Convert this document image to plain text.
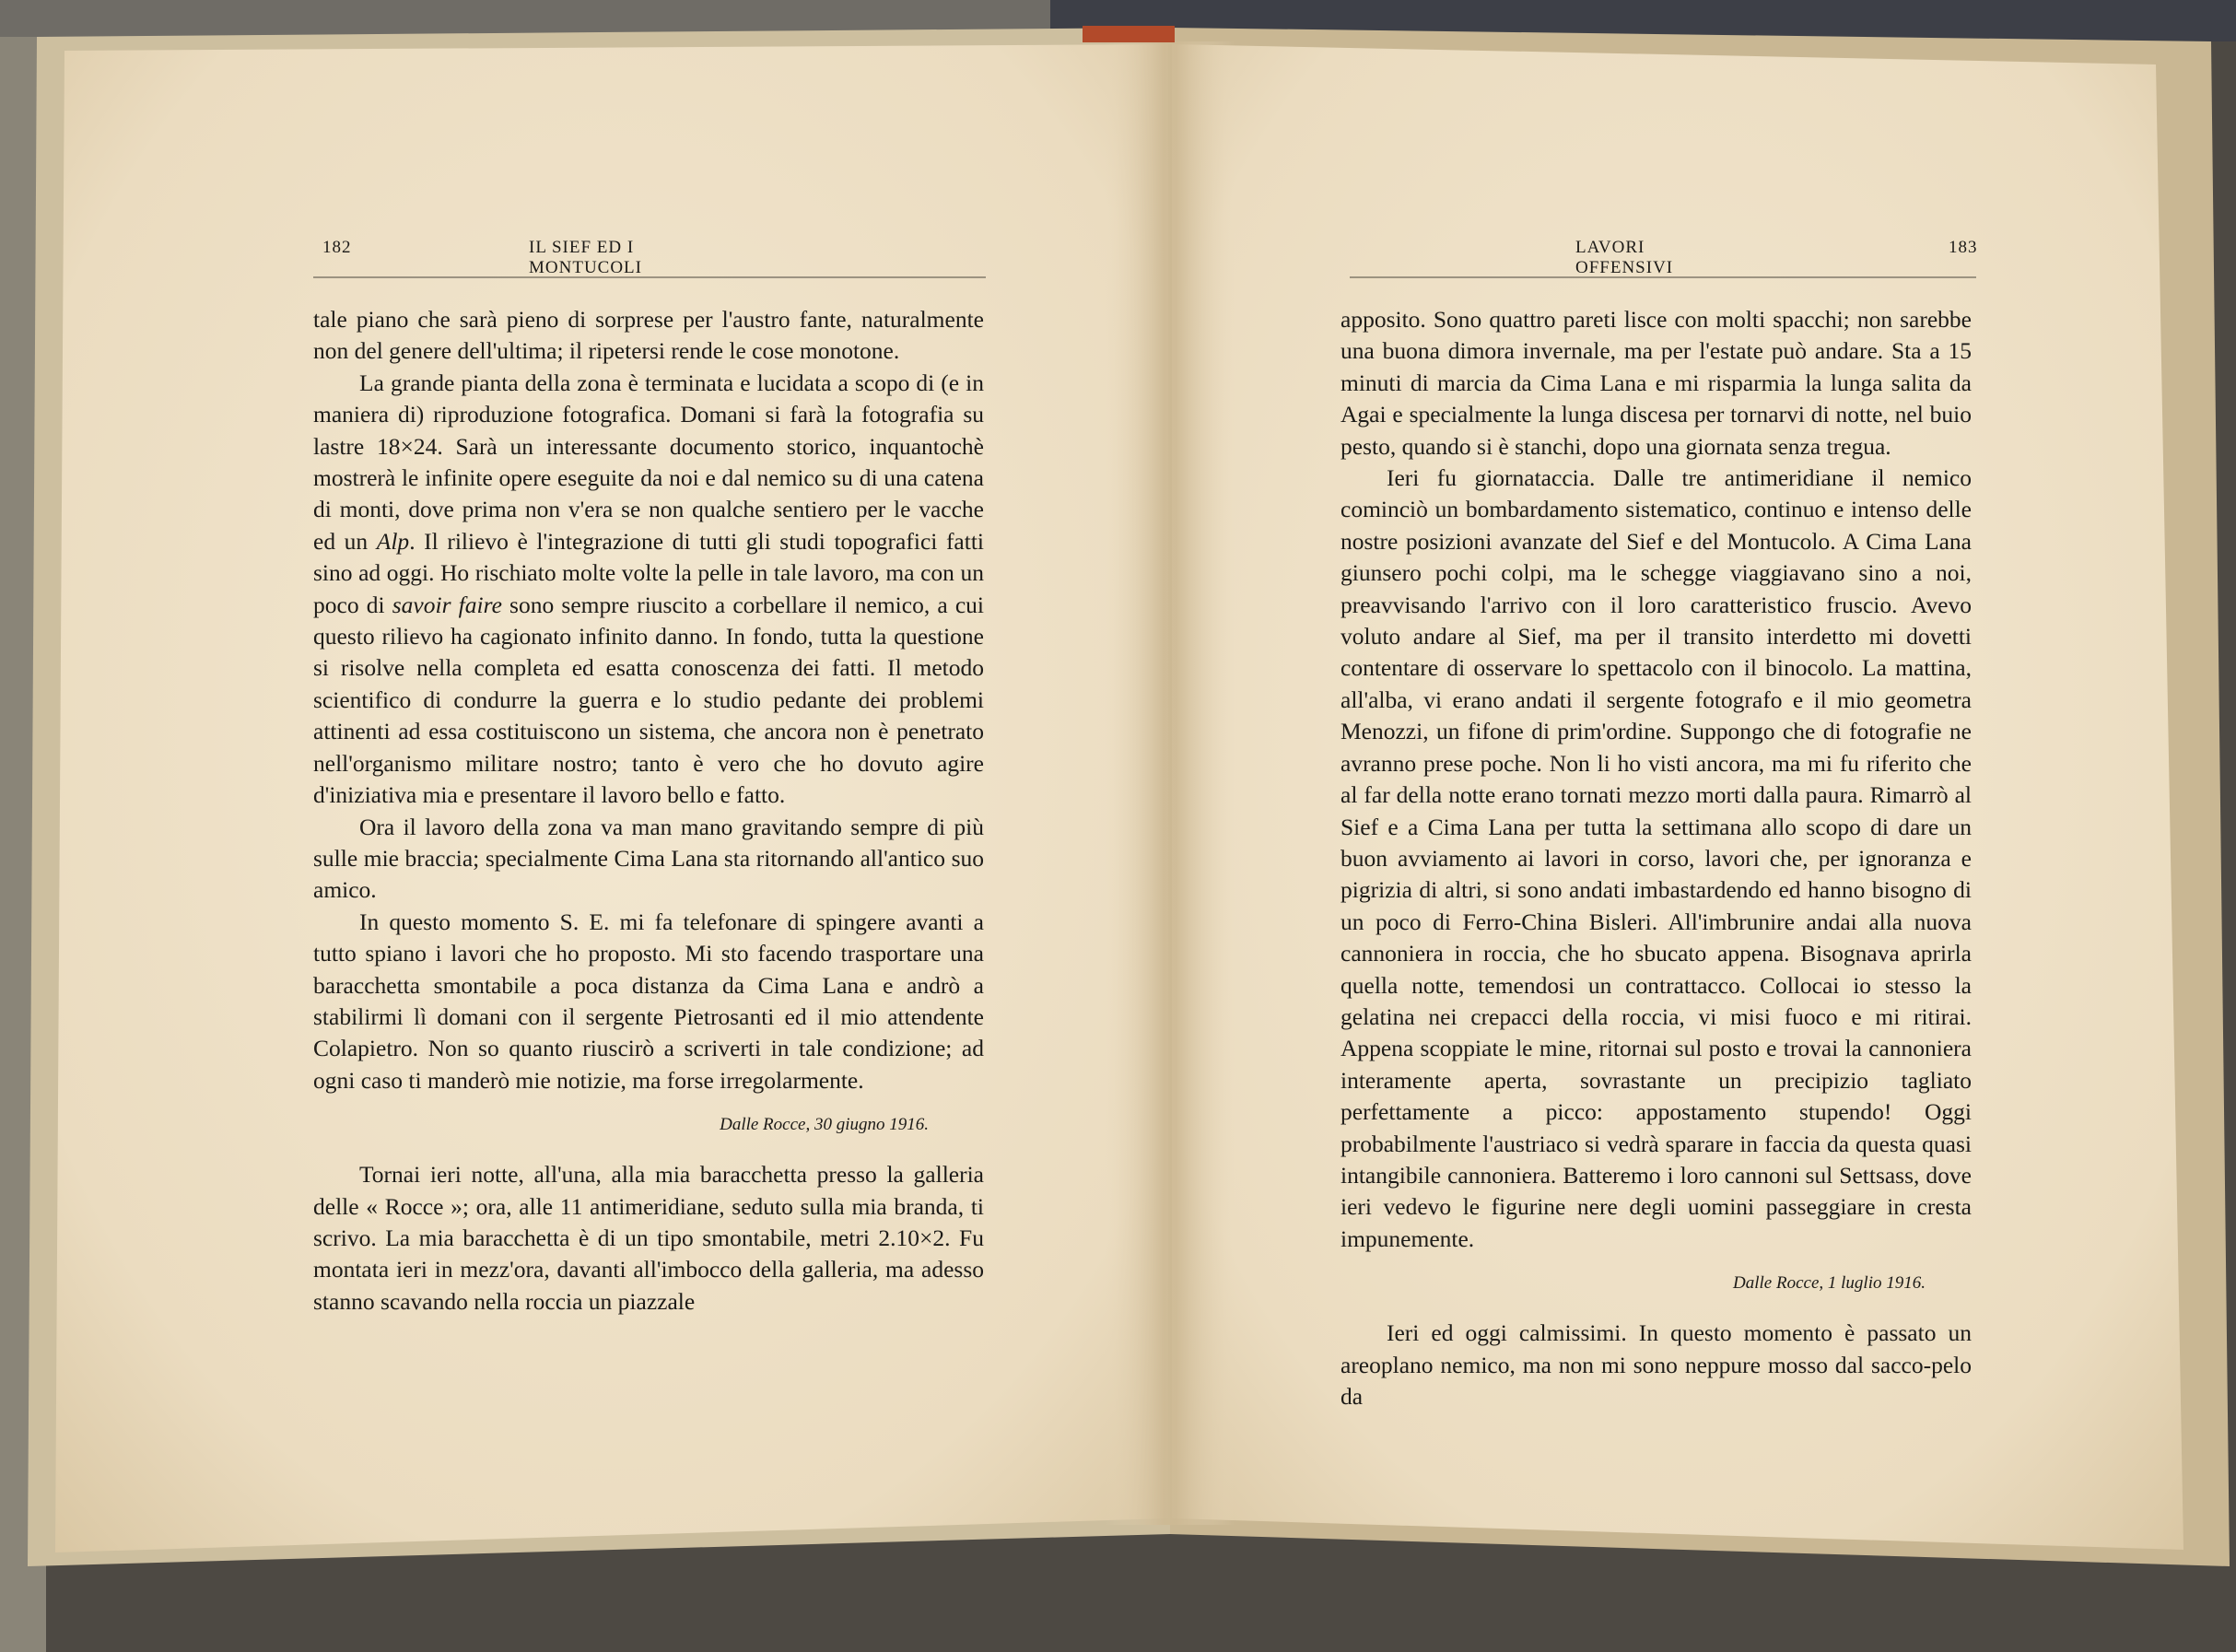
182	IL SIEF ED I MONTUCOLI

tale piano che sarà pieno di sorprese per l'austro fante, naturalmente non del genere dell'ultima; il ripetersi rende le cose monotone.

La grande pianta della zona è terminata e lucidata a scopo di (e in maniera di) riproduzione fotografica. Domani si farà la fotografia su lastre 18×24. Sarà un interessante documento storico, inquantochè mostrerà le infinite opere eseguite da noi e dal nemico su di una catena di monti, dove prima non v'era se non qualche sentiero per le vacche ed un Alp. Il rilievo è l'integrazione di tutti gli studi topografici fatti sino ad oggi. Ho rischiato molte volte la pelle in tale lavoro, ma con un poco di savoir faire sono sempre riuscito a corbellare il nemico, a cui questo rilievo ha cagionato infinito danno. In fondo, tutta la questione si risolve nella completa ed esatta conoscenza dei fatti. Il metodo scientifico di condurre la guerra e lo studio pedante dei problemi attinenti ad essa costituiscono un sistema, che ancora non è penetrato nell'organismo militare nostro; tanto è vero che ho dovuto agire d'iniziativa mia e presentare il lavoro bello e fatto.

Ora il lavoro della zona va man mano gravitando sempre di più sulle mie braccia; specialmente Cima Lana sta ritornando all'antico suo amico.

In questo momento S. E. mi fa telefonare di spingere avanti a tutto spiano i lavori che ho proposto. Mi sto facendo trasportare una baracchetta smontabile a poca distanza da Cima Lana e andrò a stabilirmi lì domani con il sergente Pietrosanti ed il mio attendente Colapietro. Non so quanto riuscirò a scriverti in tale condizione; ad ogni caso ti manderò mie notizie, ma forse irregolarmente.

Dalle Rocce, 30 giugno 1916.

Tornai ieri notte, all'una, alla mia baracchetta presso la galleria delle « Rocce »; ora, alle 11 antimeridiane, seduto sulla mia branda, ti scrivo. La mia baracchetta è di un tipo smontabile, metri 2.10×2. Fu montata ieri in mezz'ora, davanti all'imbocco della galleria, ma adesso stanno scavando nella roccia un piazzale

LAVORI OFFENSIVI
183

apposito. Sono quattro pareti lisce con molti spacchi; non sarebbe una buona dimora invernale, ma per l'estate può andare. Sta a 15 minuti di marcia da Cima Lana e mi risparmia la lunga salita da Agai e specialmente la lunga discesa per tornarvi di notte, nel buio pesto, quando si è stanchi, dopo una giornata senza tregua.

Ieri fu giornataccia. Dalle tre antimeridiane il nemico cominciò un bombardamento sistematico, continuo e intenso delle nostre posizioni avanzate del Sief e del Montucolo. A Cima Lana giunsero pochi colpi, ma le schegge viaggiavano sino a noi, preavvisando l'arrivo con il loro caratteristico fruscio. Avevo voluto andare al Sief, ma per il transito interdetto mi dovetti contentare di osservare lo spettacolo con il binocolo. La mattina, all'alba, vi erano andati il sergente fotografo e il mio geometra Menozzi, un fifone di prim'ordine. Suppongo che di fotografie ne avranno prese poche. Non li ho visti ancora, ma mi fu riferito che al far della notte erano tornati mezzo morti dalla paura. Rimarrò al Sief e a Cima Lana per tutta la settimana allo scopo di dare un buon avviamento ai lavori in corso, lavori che, per ignoranza e pigrizia di altri, si sono andati imbastardendo ed hanno bisogno di un poco di Ferro-China Bisleri. All'imbrunire andai alla nuova cannoniera in roccia, che ho sbucato appena. Bisognava aprirla quella notte, temendosi un contrattacco. Collocai io stesso la gelatina nei crepacci della roccia, vi misi fuoco e mi ritirai. Appena scoppiate le mine, ritornai sul posto e trovai la cannoniera interamente aperta, sovrastante un precipizio tagliato perfettamente a picco: appostamento stupendo! Oggi probabilmente l'austriaco si vedrà sparare in faccia da questa quasi intangibile cannoniera. Batteremo i loro cannoni sul Settsass, dove ieri vedevo le figurine nere degli uomini passeggiare in cresta impunemente.

Dalle Rocce, 1 luglio 1916.

Ieri ed oggi calmissimi. In questo momento è passato un areoplano nemico, ma non mi sono neppure mosso dal sacco-pelo da
